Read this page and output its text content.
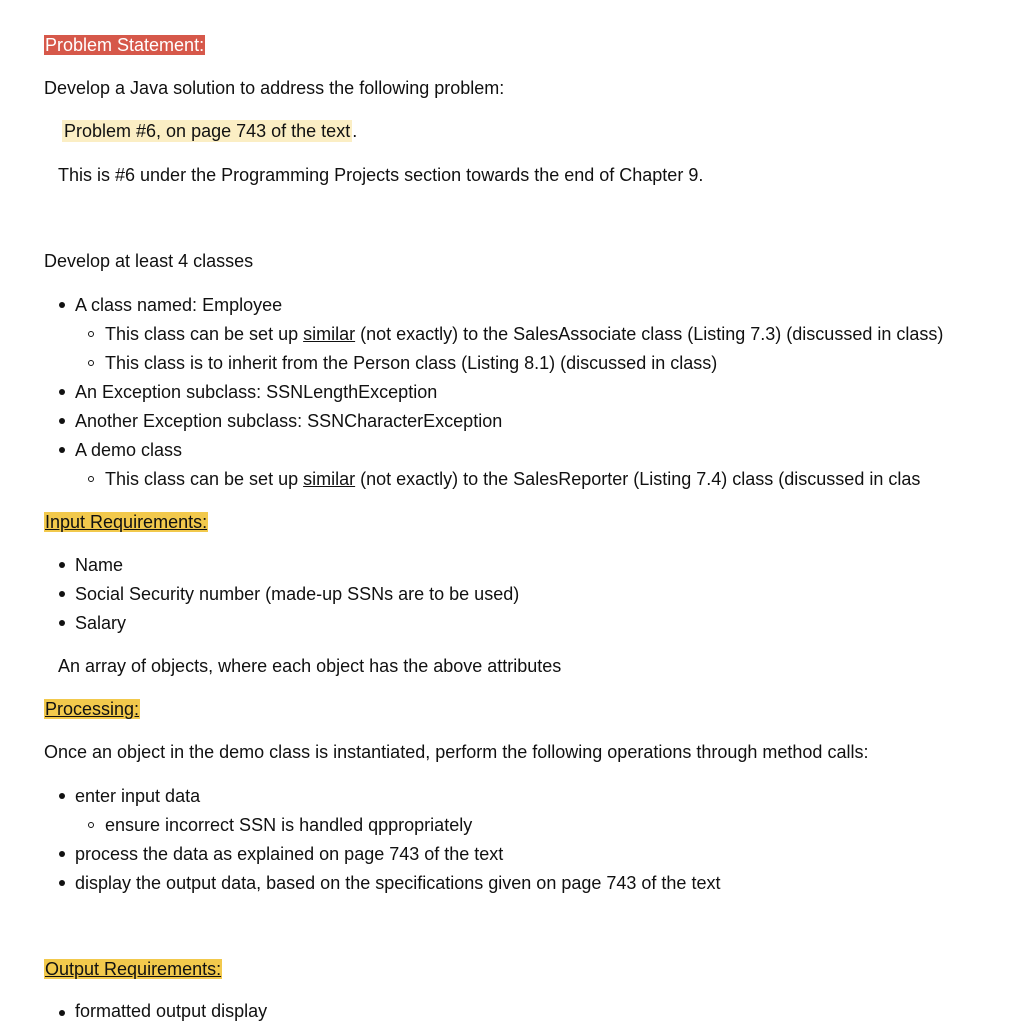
Problem Statement:
Develop a Java solution to address the following problem:
Problem #6, on page 743 of the text .
This is #6 under the Programming Projects section towards the end of Chapter 9.
Develop at least 4 classes
A class named: Employee
This class can be set up similar (not exactly) to the SalesAssociate class (Listing 7.3) (discussed in class)
This class is to inherit from the Person class (Listing 8.1) (discussed in class)
An Exception subclass: SSNLengthException
Another Exception subclass: SSNCharacterException
A demo class
This class can be set up similar (not exactly) to the SalesReporter (Listing 7.4) class (discussed in clas
Input Requirements:
Name
Social Security number (made-up SSNs are to be used)
Salary
An array of objects, where each object has the above attributes
Processing:
Once an object in the demo class is instantiated, perform the following operations through method calls:
enter input data
ensure incorrect SSN is handled qppropriately
process the data as explained on page 743 of the text
display the output data, based on the specifications given on page 743 of the text
Output Requirements:
formatted output display
